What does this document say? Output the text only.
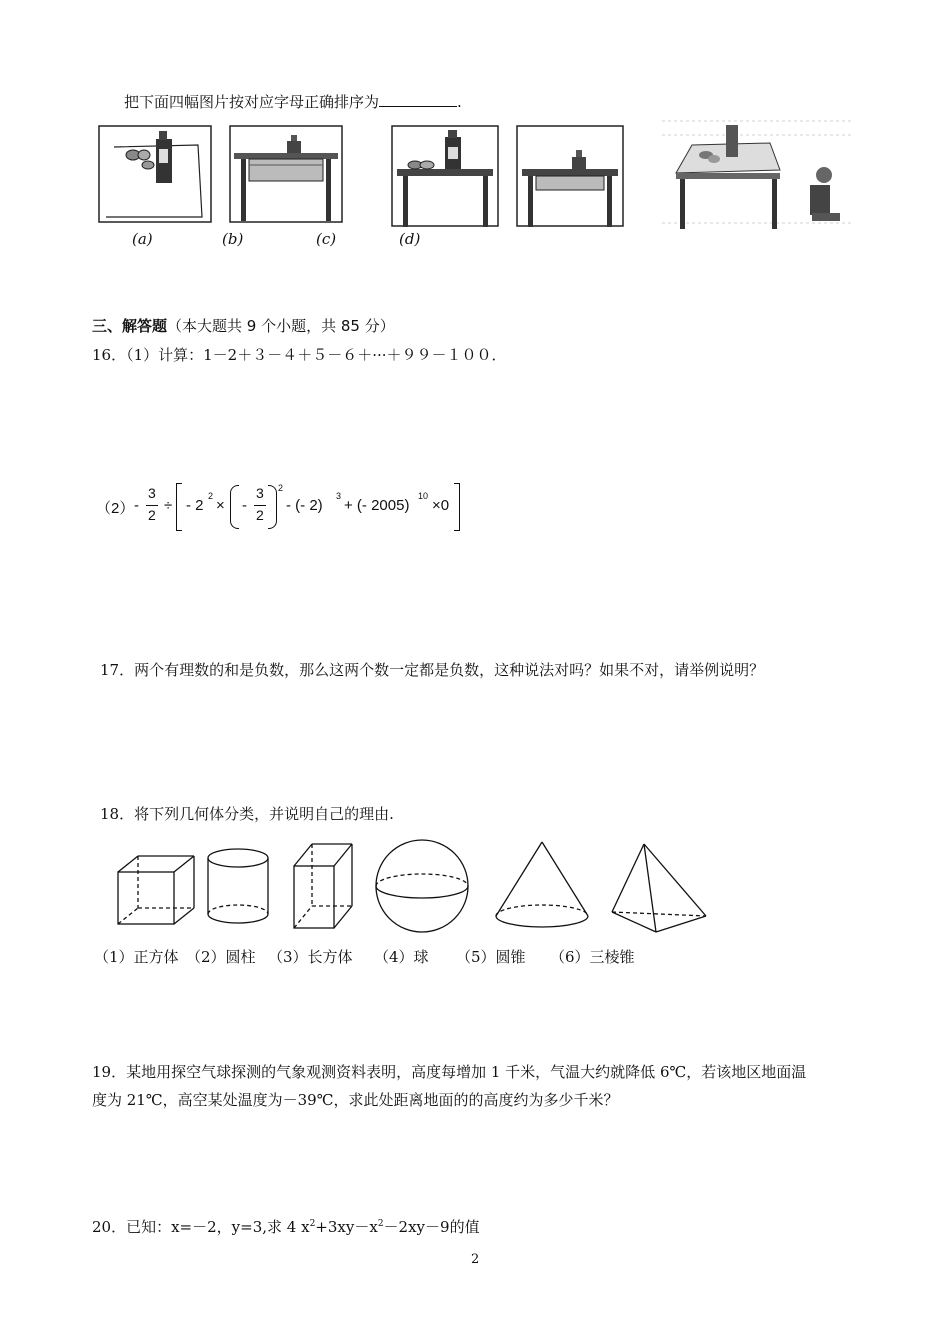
把下面四幅图片按对应字母正确排序为	.
(a)	(b)	(c)	(d)
三、解答题（本大题共 9 个小题，共 85 分）
16．（1）计算：1－2＋３－４＋５－６＋···＋９９－１００．
（2） -
3
2
÷ - 2
2
× -
3
2
2
- (- 2)
3
+ (- 2005)
10
×0
17．两个有理数的和是负数，那么这两个数一定都是负数，这种说法对吗？如果不对，请举例说明？
18．将下列几何体分类，并说明自己的理由.
（1）正方体 （2）圆柱 （3）长方体 （4）球 （5）圆锥 （6）三棱锥
19．某地用探空气球探测的气象观测资料表明，高度每增加 1 千米，气温大约就降低 6℃，若该地区地面温
度为 21℃，高空某处温度为－39℃，求此处距离地面的的高度约为多少千米？
20．已知：x=－2，y=3,求 4 $x^2+3xy-x^2-2xy-9$的值
2
